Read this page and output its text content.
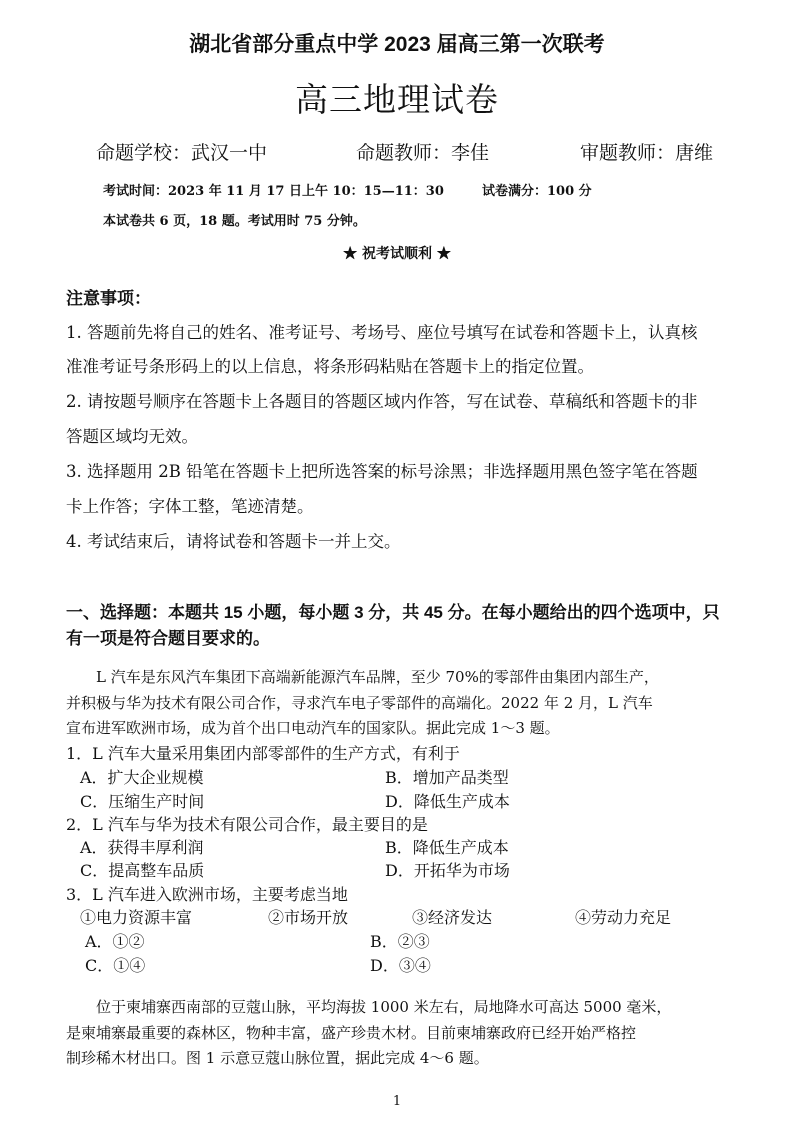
湖北省部分重点中学 2023 届高三第一次联考
高三地理试卷
命题学校：武汉一中	命题教师：李佳	审题教师：唐维
考试时间：2023 年 11 月 17 日上午 10：15—11：30	试卷满分：100 分
本试卷共 6 页，18 题。考试用时 75 分钟。
★ 祝考试顺利 ★
注意事项：
1. 答题前先将自己的姓名、准考证号、考场号、座位号填写在试卷和答题卡上，认真核
准准考证号条形码上的以上信息，将条形码粘贴在答题卡上的指定位置。
2. 请按题号顺序在答题卡上各题目的答题区域内作答，写在试卷、草稿纸和答题卡的非
答题区域均无效。
3. 选择题用 2B 铅笔在答题卡上把所选答案的标号涂黑；非选择题用黑色签字笔在答题
卡上作答；字体工整，笔迹清楚。
4. 考试结束后，请将试卷和答题卡一并上交。
一、选择题：本题共 15 小题，每小题 3 分，共 45 分。在每小题给出的四个选项中，只
有一项是符合题目要求的。
　　L 汽车是东风汽车集团下高端新能源汽车品牌，至少 70%的零部件由集团内部生产，
并积极与华为技术有限公司合作，寻求汽车电子零部件的高端化。2022 年 2 月，L 汽车
宣布进军欧洲市场，成为首个出口电动汽车的国家队。据此完成 1～3 题。
1．L 汽车大量采用集团内部零部件的生产方式，有利于
A．扩大企业规模	B．增加产品类型
C．压缩生产时间	D．降低生产成本
2．L 汽车与华为技术有限公司合作，最主要目的是
A．获得丰厚利润	B．降低生产成本
C．提高整车品质	D．开拓华为市场
3．L 汽车进入欧洲市场，主要考虑当地
①电力资源丰富	②市场开放	③经济发达	④劳动力充足
A．①②	B．②③
C．①④	D．③④
　　位于柬埔寨西南部的豆蔻山脉，平均海拔 1000 米左右，局地降水可高达 5000 毫米，
是柬埔寨最重要的森林区，物种丰富，盛产珍贵木材。目前柬埔寨政府已经开始严格控
制珍稀木材出口。图 1 示意豆蔻山脉位置，据此完成 4～6 题。
1
